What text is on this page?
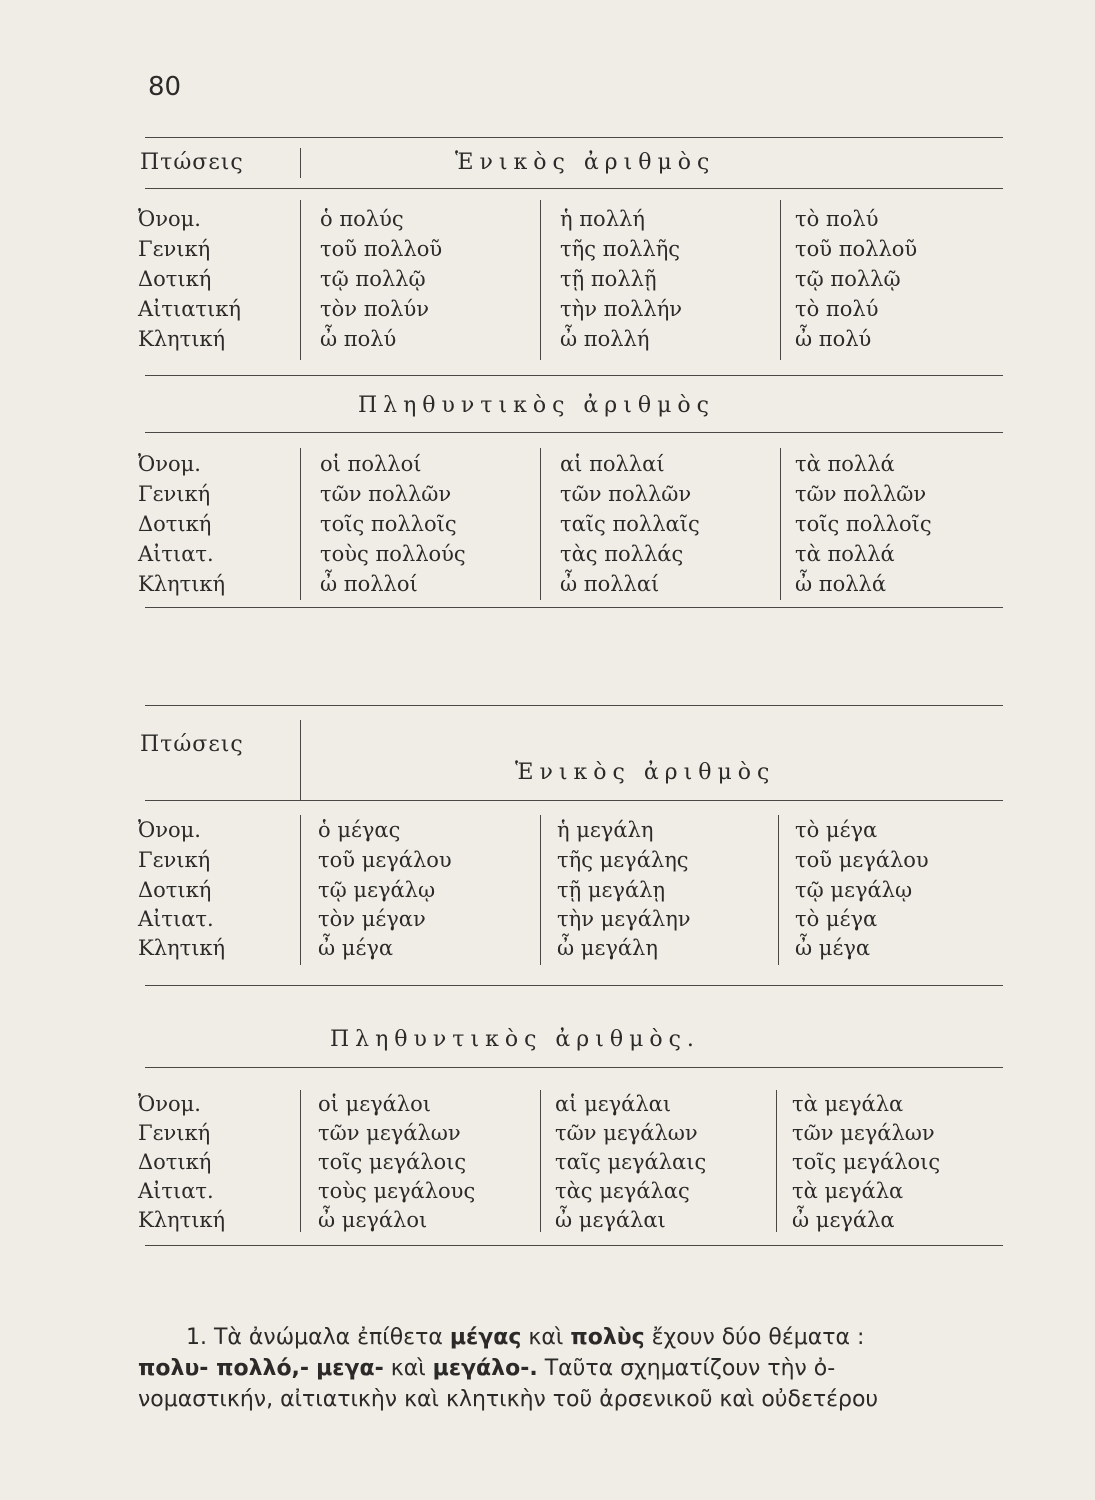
80
Πτώσεις	Ἑνικὸς ἀριθμὸς
Ὀνομ.	ὁ πολύς	ἡ πολλή	τὸ πολύ
Γενική	τοῦ πολλοῦ	τῆς πολλῆς	τοῦ πολλοῦ
Δοτική	τῷ πολλῷ	τῇ πολλῇ	τῷ πολλῷ
Αἰτιατική	τὸν πολύν	τὴν πολλήν	τὸ πολύ
Κλητική	ὦ πολύ	ὦ πολλή	ὦ πολύ
Πληθυντικὸς ἀριθμὸς
Ὀνομ.	οἱ πολλοί	αἱ πολλαί	τὰ πολλά
Γενική	τῶν πολλῶν	τῶν πολλῶν	τῶν πολλῶν
Δοτική	τοῖς πολλοῖς	ταῖς πολλαῖς	τοῖς πολλοῖς
Αἰτιατ.	τοὺς πολλούς	τὰς πολλάς	τὰ πολλά
Κλητική	ὦ πολλοί	ὦ πολλαί	ὦ πολλά
Πτώσεις
Ἑνικὸς ἀριθμὸς
Ὀνομ.	ὁ μέγας	ἡ μεγάλη	τὸ μέγα
Γενική	τοῦ μεγάλου	τῆς μεγάλης	τοῦ μεγάλου
Δοτική	τῷ μεγάλῳ	τῇ μεγάλῃ	τῷ μεγάλῳ
Αἰτιατ.	τὸν μέγαν	τὴν μεγάλην	τὸ μέγα
Κλητική	ὦ μέγα	ὦ μεγάλη	ὦ μέγα
Πληθυντικὸς ἀριθμὸς.
Ὀνομ.	οἱ μεγάλοι	αἱ μεγάλαι	τὰ μεγάλα
Γενική	τῶν μεγάλων	τῶν μεγάλων	τῶν μεγάλων
Δοτική	τοῖς μεγάλοις	ταῖς μεγάλαις	τοῖς μεγάλοις
Αἰτιατ.	τοὺς μεγάλους	τὰς μεγάλας	τὰ μεγάλα
Κλητική	ὦ μεγάλοι	ὦ μεγάλαι	ὦ μεγάλα

1. Τὰ ἀνώμαλα ἐπίθετα μέγας καὶ πολὺς ἔχουν δύο θέματα :

πολυ- πολλό,- μεγα- καὶ μεγάλο-. Ταῦτα σχηματίζουν τὴν ὀ-

νομαστικήν, αἰτιατικὴν καὶ κλητικὴν τοῦ ἀρσενικοῦ καὶ οὐδετέρου
